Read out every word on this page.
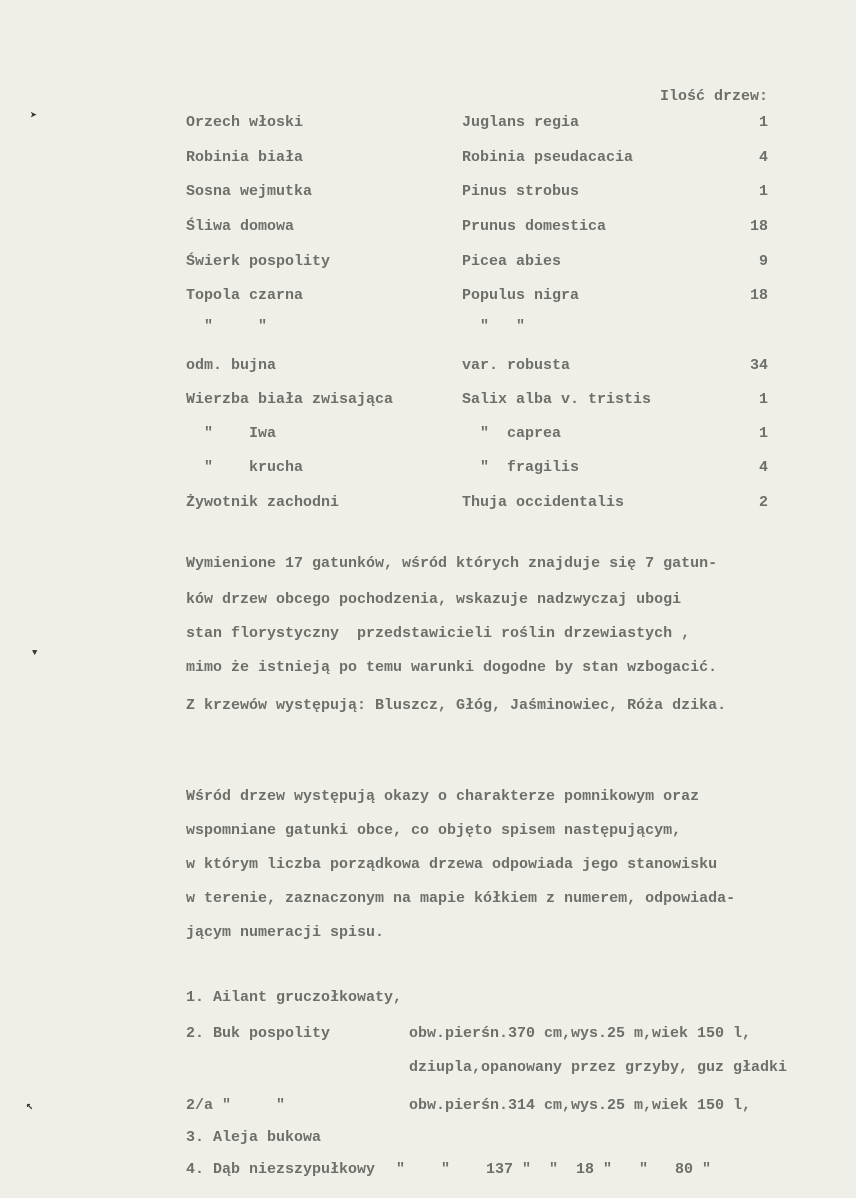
Ilość drzew:
Orzech włoski	Juglans regia	1
Robinia biała	Robinia pseudacacia	4
Sosna wejmutka	Pinus strobus	1
Śliwa domowa	Prunus domestica	18
Świerk pospolity	Picea abies	9
Topola czarna	Populus nigra	18
"     "	"   "
odm. bujna	var. robusta	34
Wierzba biała zwisająca	Salix alba v. tristis	1
"    Iwa	"  caprea	1
"    krucha	"  fragilis	4
Żywotnik zachodni	Thuja occidentalis	2
Wymienione 17 gatunków, wśród których znajduje się 7 gatun-
ków drzew obcego pochodzenia, wskazuje nadzwyczaj ubogi
stan florystyczny  przedstawicieli roślin drzewiastych ,
mimo że istnieją po temu warunki dogodne by stan wzbogacić.
Z krzewów występują: Bluszcz, Głóg, Jaśminowiec, Róża dzika.
Wśród drzew występują okazy o charakterze pomnikowym oraz
wspomniane gatunki obce, co objęto spisem następującym,
w którym liczba porządkowa drzewa odpowiada jego stanowisku
w terenie, zaznaczonym na mapie kółkiem z numerem, odpowiada-
jącym numeracji spisu.
1. Ailant gruczołkowaty,
2. Buk pospolity	obw.pierśn.370 cm,wys.25 m,wiek 150 l,
dziupla,opanowany przez grzyby, guz gładki
2/a "     "	obw.pierśn.314 cm,wys.25 m,wiek 150 l,
3. Aleja bukowa
4. Dąb niezszypułkowy "    "    137 "  "  18 "   "   80 "
➤
▼
↖
